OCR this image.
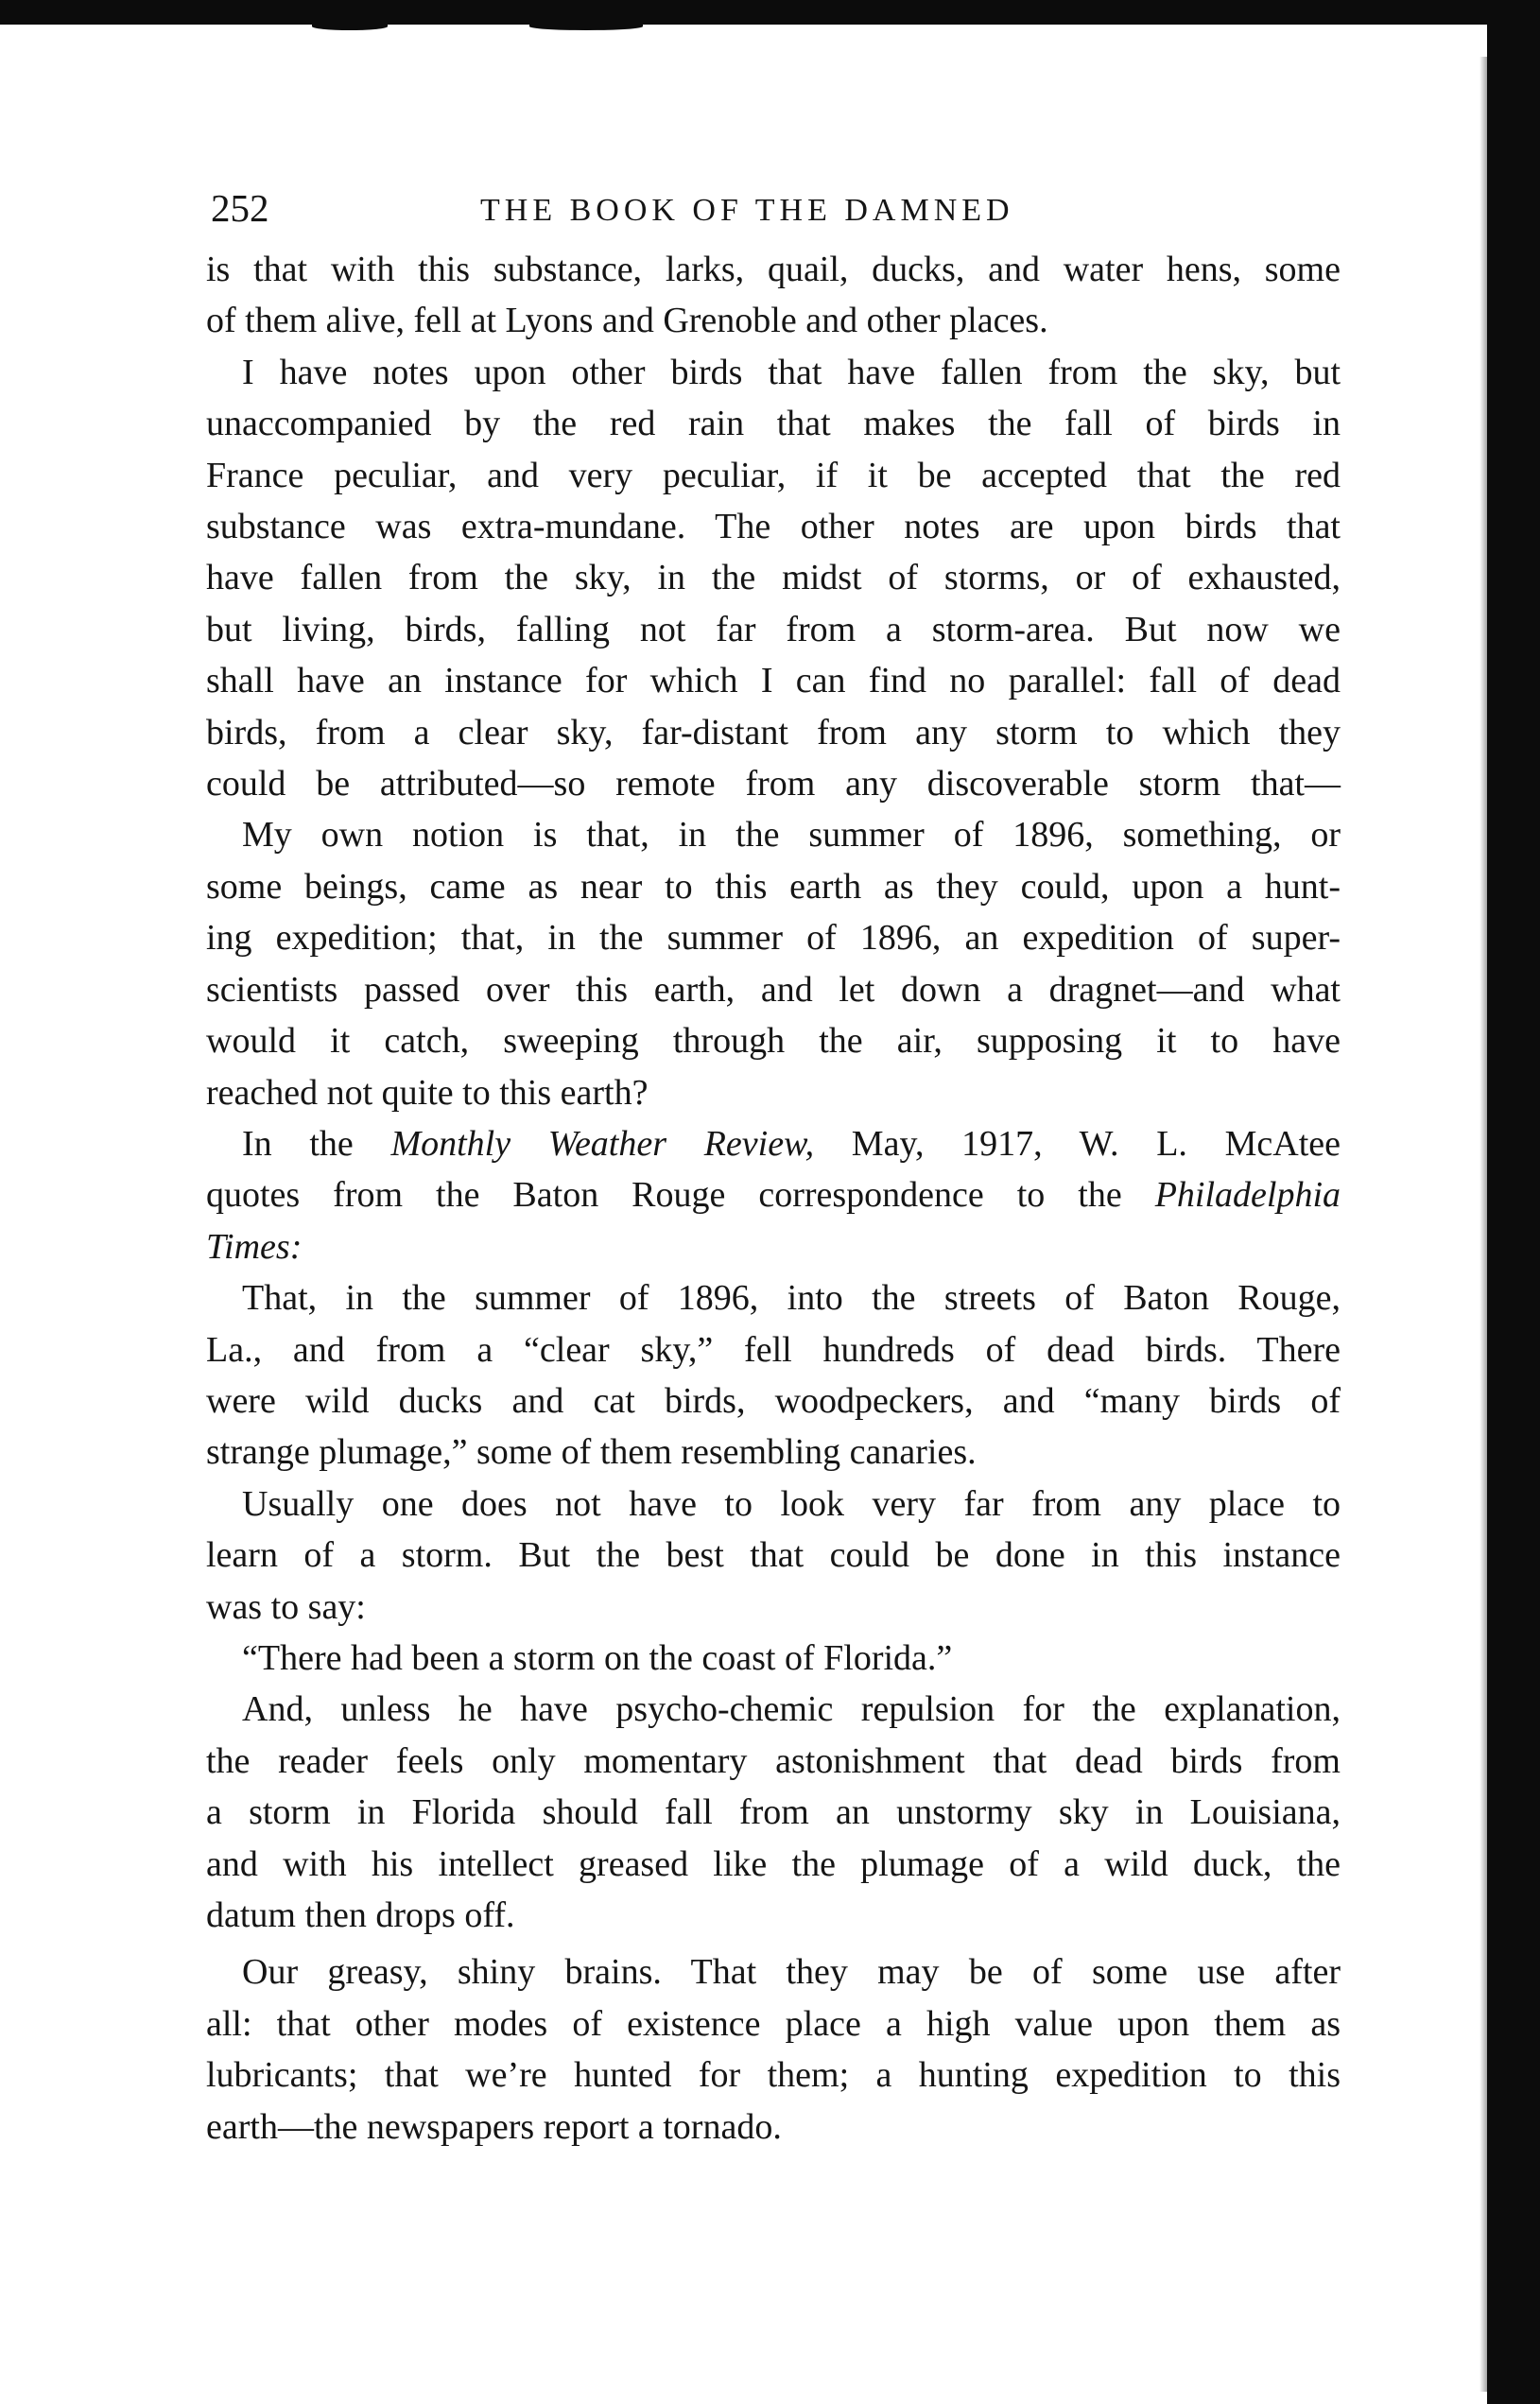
252	THE BOOK OF THE DAMNED

is that with this substance, larks, quail, ducks, and water hens, some
of them alive, fell at Lyons and Grenoble and other places.

I have notes upon other birds that have fallen from the sky, but
unaccompanied by the red rain that makes the fall of birds in
France peculiar, and very peculiar, if it be accepted that the red
substance was extra-mundane. The other notes are upon birds that
have fallen from the sky, in the midst of storms, or of exhausted,
but living, birds, falling not far from a storm-area. But now we
shall have an instance for which I can find no parallel: fall of dead
birds, from a clear sky, far-distant from any storm to which they
could be attributed—so remote from any discoverable storm that—

My own notion is that, in the summer of 1896, something, or
some beings, came as near to this earth as they could, upon a hunt-
ing expedition; that, in the summer of 1896, an expedition of super-
scientists passed over this earth, and let down a dragnet—and what
would it catch, sweeping through the air, supposing it to have
reached not quite to this earth?

In the Monthly Weather Review, May, 1917, W. L. McAtee
quotes from the Baton Rouge correspondence to the Philadelphia
Times:

That, in the summer of 1896, into the streets of Baton Rouge,
La., and from a “clear sky,” fell hundreds of dead birds. There
were wild ducks and cat birds, woodpeckers, and “many birds of
strange plumage,” some of them resembling canaries.

Usually one does not have to look very far from any place to
learn of a storm. But the best that could be done in this instance
was to say:

“There had been a storm on the coast of Florida.”

And, unless he have psycho-chemic repulsion for the explanation,
the reader feels only momentary astonishment that dead birds from
a storm in Florida should fall from an unstormy sky in Louisiana,
and with his intellect greased like the plumage of a wild duck, the
datum then drops off.

Our greasy, shiny brains. That they may be of some use after
all: that other modes of existence place a high value upon them as
lubricants; that we’re hunted for them; a hunting expedition to this
earth—the newspapers report a tornado.
